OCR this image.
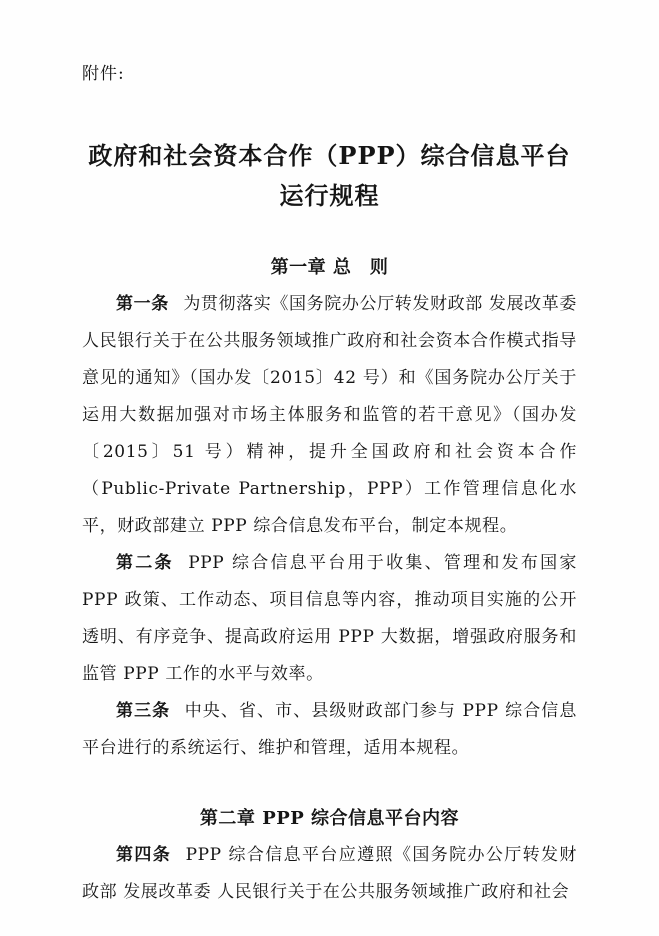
附件:
政府和社会资本合作（PPP）综合信息平台
运行规程
第一章 总　则

第一条 为贯彻落实《国务院办公厅转发财政部 发展改革委 人民银行关于在公共服务领域推广政府和社会资本合作模式指导意见的通知》（国办发〔2015〕42 号）和《国务院办公厅关于运用大数据加强对市场主体服务和监管的若干意见》（国办发〔2015〕51 号）精神，提升全国政府和社会资本合作（Public-Private Partnership，PPP）工作管理信息化水平，财政部建立 PPP 综合信息发布平台，制定本规程。

第二条 PPP 综合信息平台用于收集、管理和发布国家 PPP 政策、工作动态、项目信息等内容，推动项目实施的公开透明、有序竞争、提高政府运用 PPP 大数据，增强政府服务和监管 PPP 工作的水平与效率。

第三条 中央、省、市、县级财政部门参与 PPP 综合信息平台进行的系统运行、维护和管理，适用本规程。

第二章 PPP 综合信息平台内容

第四条 PPP 综合信息平台应遵照《国务院办公厅转发财政部 发展改革委 人民银行关于在公共服务领域推广政府和社会
